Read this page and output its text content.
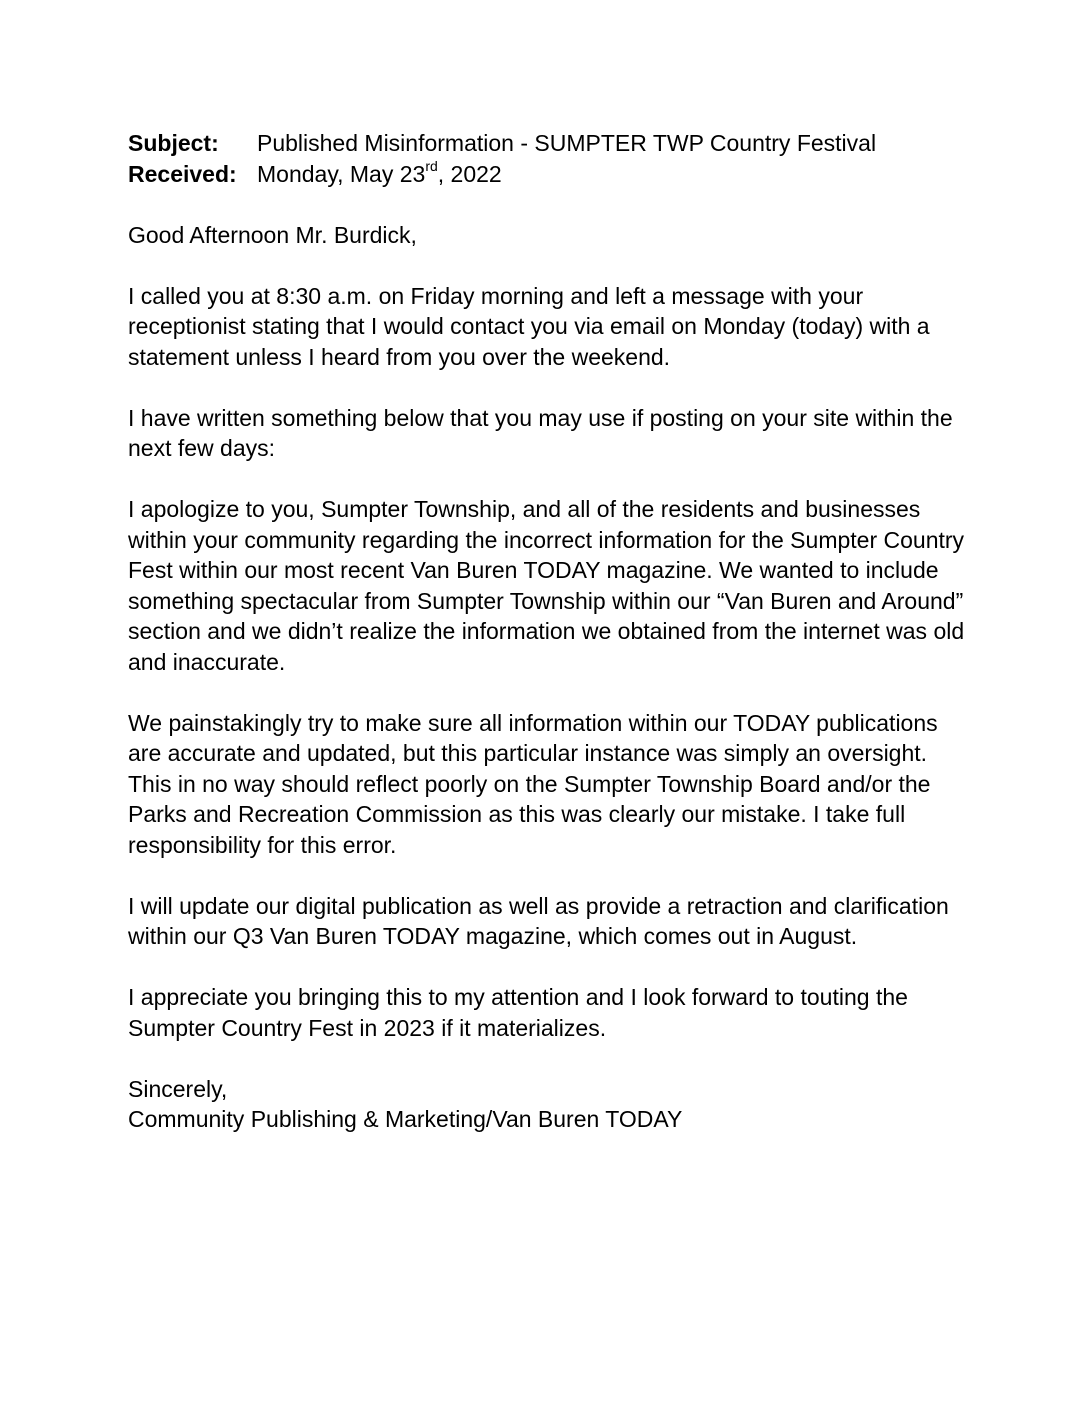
Subject:	Published Misinformation - SUMPTER TWP Country Festival
Received: Monday, May 23rd, 2022

Good Afternoon Mr. Burdick,

I called you at 8:30 a.m. on Friday morning and left a message with your receptionist stating that I would contact you via email on Monday (today) with a statement unless I heard from you over the weekend.

I have written something below that you may use if posting on your site within the next few days:

I apologize to you, Sumpter Township, and all of the residents and businesses within your community regarding the incorrect information for the Sumpter Country Fest within our most recent Van Buren TODAY magazine. We wanted to include something spectacular from Sumpter Township within our “Van Buren and Around” section and we didn’t realize the information we obtained from the internet was old and inaccurate.

We painstakingly try to make sure all information within our TODAY publications are accurate and updated, but this particular instance was simply an oversight. This in no way should reflect poorly on the Sumpter Township Board and/or the Parks and Recreation Commission as this was clearly our mistake. I take full responsibility for this error.

I will update our digital publication as well as provide a retraction and clarification within our Q3 Van Buren TODAY magazine, which comes out in August.

I appreciate you bringing this to my attention and I look forward to touting the Sumpter Country Fest in 2023 if it materializes.

Sincerely,
Community Publishing & Marketing/Van Buren TODAY
